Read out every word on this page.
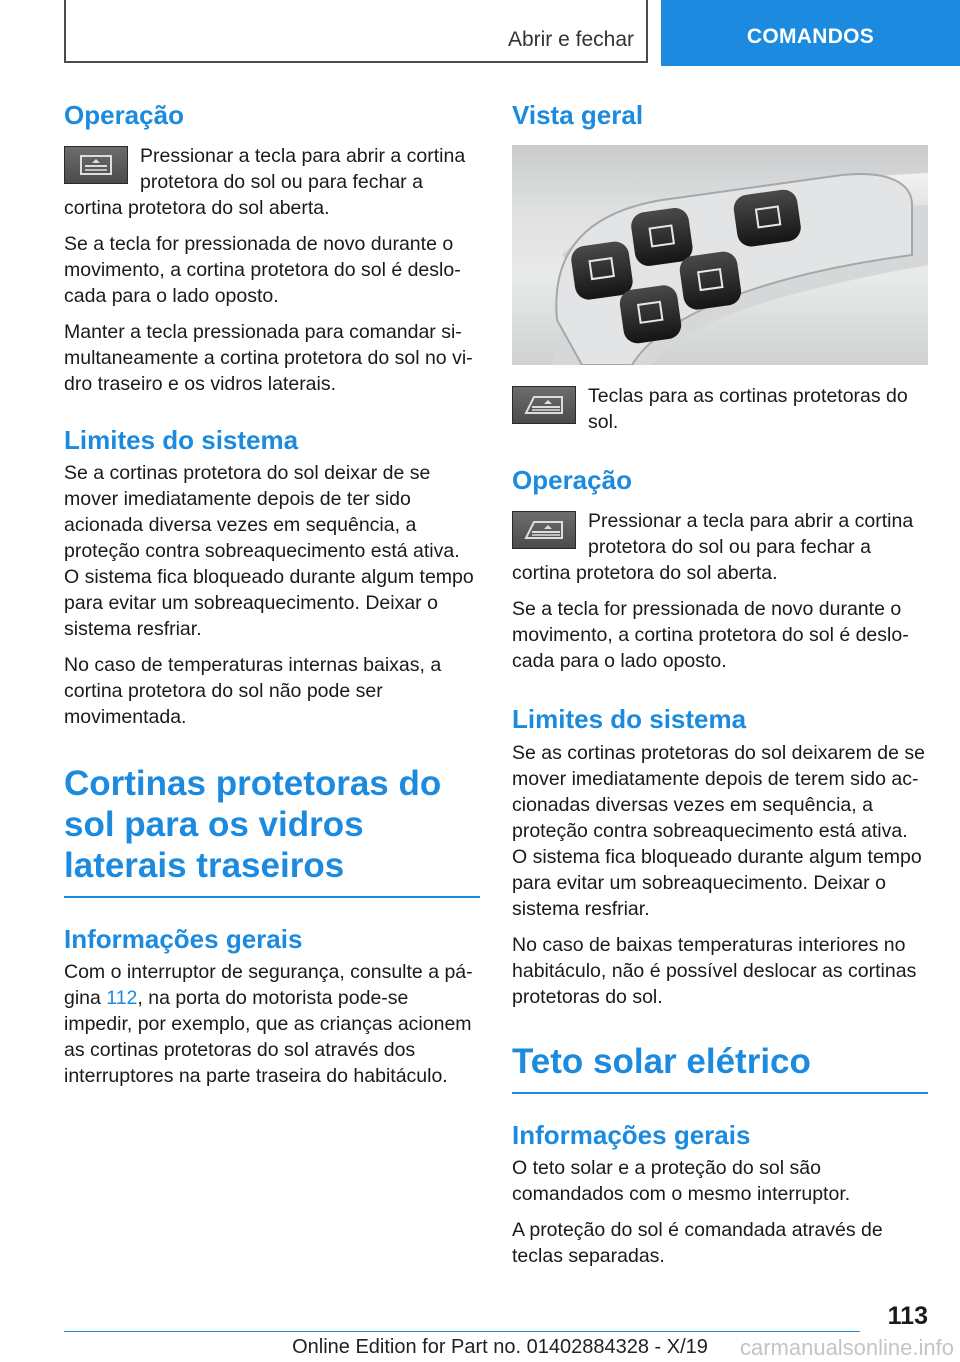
Abrir e fechar	COMANDOS
Operação

Pressionar a tecla para abrir a cortina protetora do sol ou para fechar a cortina protetora do sol aberta.

Se a tecla for pressionada de novo durante o movimento, a cortina protetora do sol é deslocada para o lado oposto.

Manter a tecla pressionada para comandar simultaneamente a cortina protetora do sol no vidro traseiro e os vidros laterais.

Limites do sistema

Se a cortinas protetora do sol deixar de se mover imediatamente depois de ter sido acionada diversa vezes em sequência, a proteção contra sobreaquecimento está ativa. O sistema fica bloqueado durante algum tempo para evitar um sobreaquecimento. Deixar o sistema resfriar.

No caso de temperaturas internas baixas, a cortina protetora do sol não pode ser movimentada.

Cortinas protetoras do sol para os vidros laterais traseiros
Informações gerais

Com o interruptor de segurança, consulte a página 112, na porta do motorista pode-se impedir, por exemplo, que as crianças acionem as cortinas protetoras do sol através dos interruptores na parte traseira do habitáculo.

Vista geral

Teclas para as cortinas protetoras do sol.

Operação

Pressionar a tecla para abrir a cortina protetora do sol ou para fechar a cortina protetora do sol aberta.

Se a tecla for pressionada de novo durante o movimento, a cortina protetora do sol é deslocada para o lado oposto.

Limites do sistema

Se as cortinas protetoras do sol deixarem de se mover imediatamente depois de terem sido accionadas diversas vezes em sequência, a proteção contra sobreaquecimento está ativa. O sistema fica bloqueado durante algum tempo para evitar um sobreaquecimento. Deixar o sistema resfriar.

No caso de baixas temperaturas interiores no habitáculo, não é possível deslocar as cortinas protetoras do sol.

Teto solar elétrico
Informações gerais

O teto solar e a proteção do sol são comandados com o mesmo interruptor.

A proteção do sol é comandada através de teclas separadas.

113
Online Edition for Part no. 01402884328 - X/19	carmanualsonline.info
